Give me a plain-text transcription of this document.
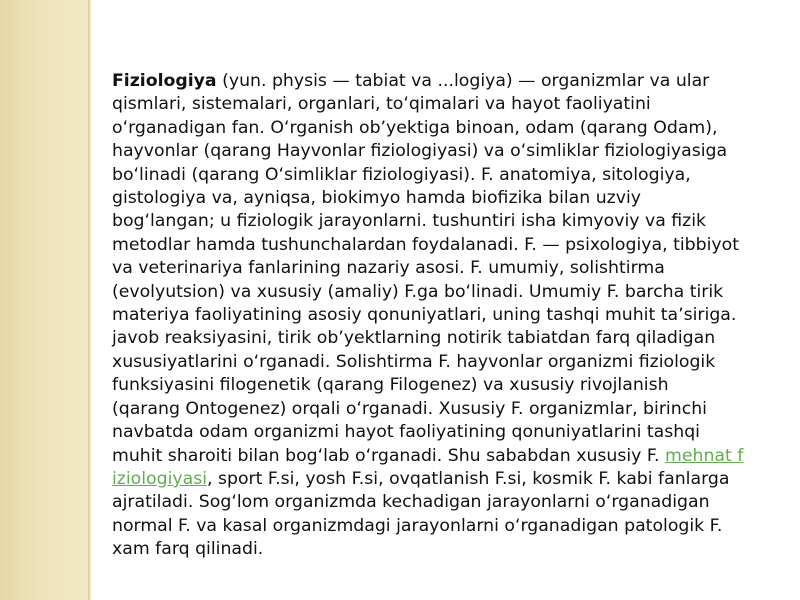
Fiziologiya (yun. physis — tabiat va ...logiya) — organizmlar va ular
qismlari, sistemalari, organlari, toʻqimalari va hayot faoliyatini
oʻrganadigan fan. Oʻrganish obʼyektiga binoan, odam (qarang Odam),
hayvonlar (qarang Hayvonlar fiziologiyasi) va oʻsimliklar fiziologiyasiga
boʻlinadi (qarang Oʻsimliklar fiziologiyasi). F. anatomiya, sitologiya,
gistologiya va, ayniqsa, biokimyo hamda biofizika bilan uzviy
bogʻlangan; u fiziologik jarayonlarni. tushuntiri isha kimyoviy va fizik
metodlar hamda tushunchalardan foydalanadi. F. — psixologiya, tibbiyot
va veterinariya fanlarining nazariy asosi. F. umumiy, solishtirma
(evolyutsion) va xususiy (amaliy) F.ga boʻlinadi. Umumiy F. barcha tirik
materiya faoliyatining asosiy qonuniyatlari, uning tashqi muhit taʼsiriga.
javob reaksiyasini, tirik obʼyektlarning notirik tabiatdan farq qiladigan
xususiyatlarini oʻrganadi. Solishtirma F. hayvonlar organizmi fiziologik
funksiyasini filogenetik (qarang Filogenez) va xususiy rivojlanish
(qarang Ontogenez) orqali oʻrganadi. Xususiy F. organizmlar, birinchi
navbatda odam organizmi hayot faoliyatining qonuniyatlarini tashqi
muhit sharoiti bilan bogʻlab oʻrganadi. Shu sababdan xususiy F. mehnat f
iziologiyasi, sport F.si, yosh F.si, ovqatlanish F.si, kosmik F. kabi fanlarga
ajratiladi. Sogʻlom organizmda kechadigan jarayonlarni oʻrganadigan
normal F. va kasal organizmdagi jarayonlarni oʻrganadigan patologik F.
xam farq qilinadi.
